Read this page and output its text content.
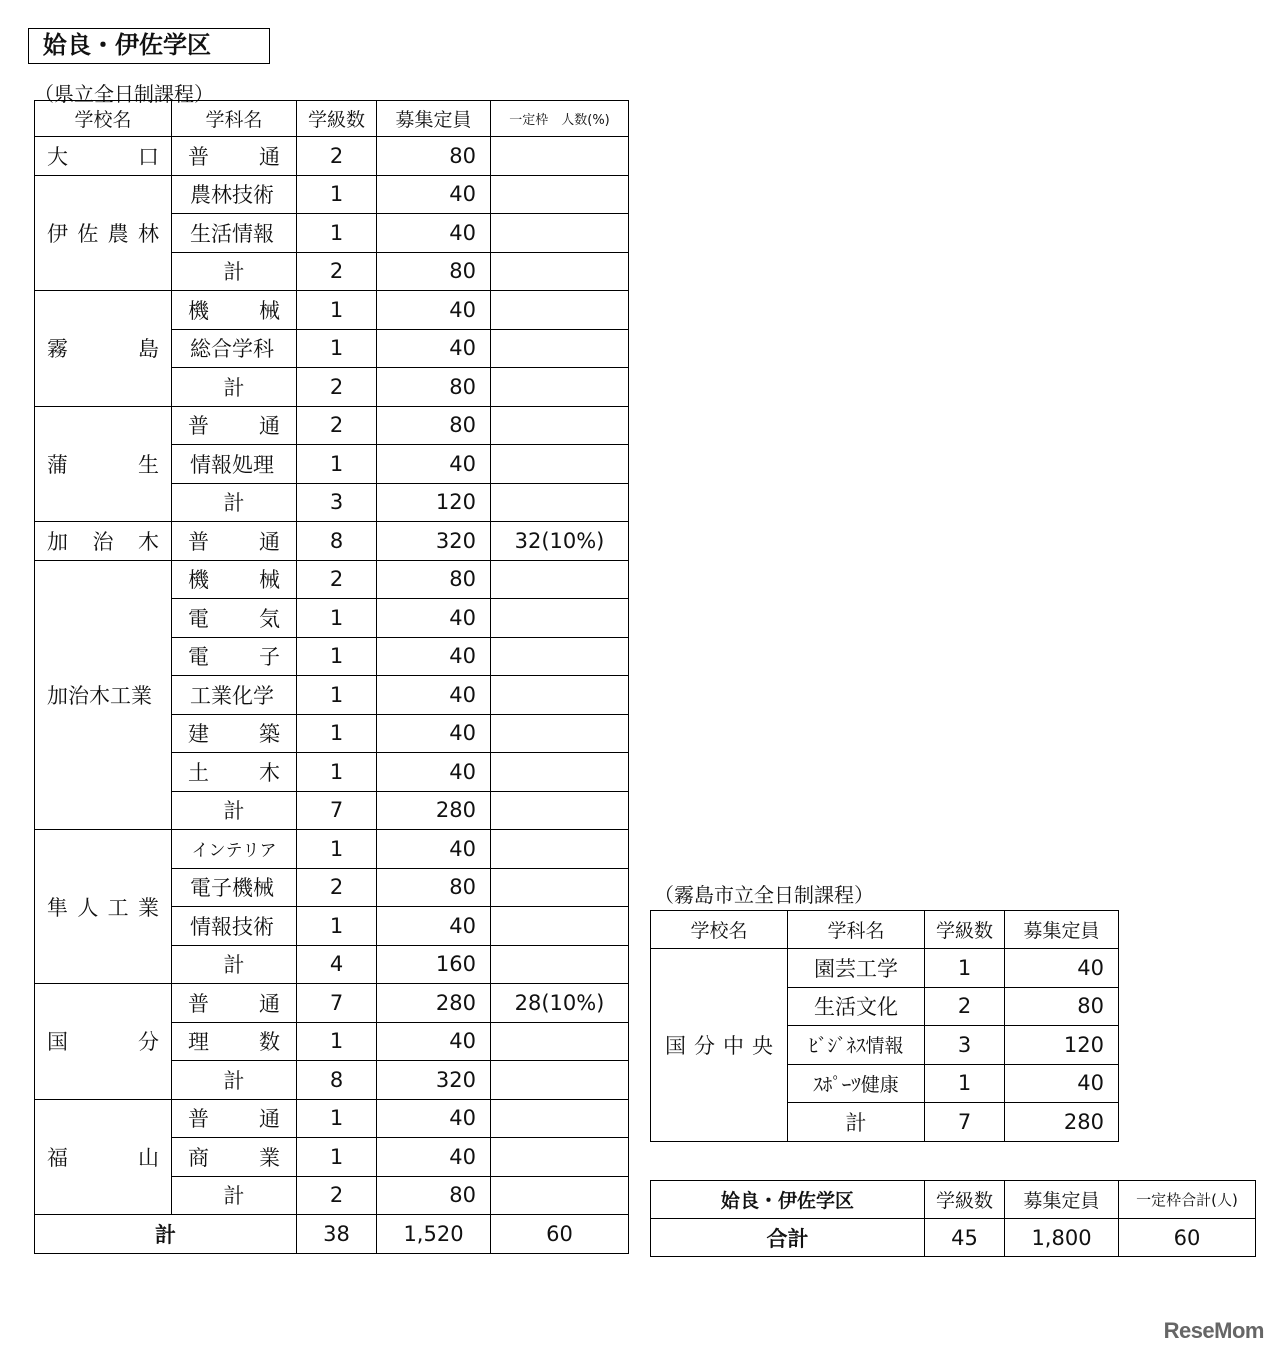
姶良・伊佐学区
（県立全日制課程）
学校名	学科名	学級数	募集定員	一定枠　人数(%)
大　口	普　通	2	80	
伊佐農林	農林技術	1	40	
	生活情報	1	40	
	計	2	80	
霧　島	機　械	1	40	
	総合学科	1	40	
	計	2	80	
蒲　生	普　通	2	80	
	情報処理	1	40	
	計	3	120	
加治木	普　通	8	320	32(10%)
加治木工業	機　械	2	80	
	電　気	1	40	
	電　子	1	40	
	工業化学	1	40	
	建　築	1	40	
	土　木	1	40	
	計	7	280	
隼人工業	インテリア	1	40	
	電子機械	2	80	
	情報技術	1	40	
	計	4	160	
国　分	普　通	7	280	28(10%)
	理　数	1	40	
	計	8	320	
福　山	普　通	1	40	
	商　業	1	40	
	計	2	80	
計		38	1,520	60
（霧島市立全日制課程）
学校名	学科名	学級数	募集定員
国分中央	園芸工学	1	40
	生活文化	2	80
	ﾋﾞｼﾞﾈｽ情報	3	120
	ｽﾎﾟｰﾂ健康	1	40
	計	7	280
姶良・伊佐学区	学級数	募集定員	一定枠合計(人)
合計	45	1,800	60
ReseMom
